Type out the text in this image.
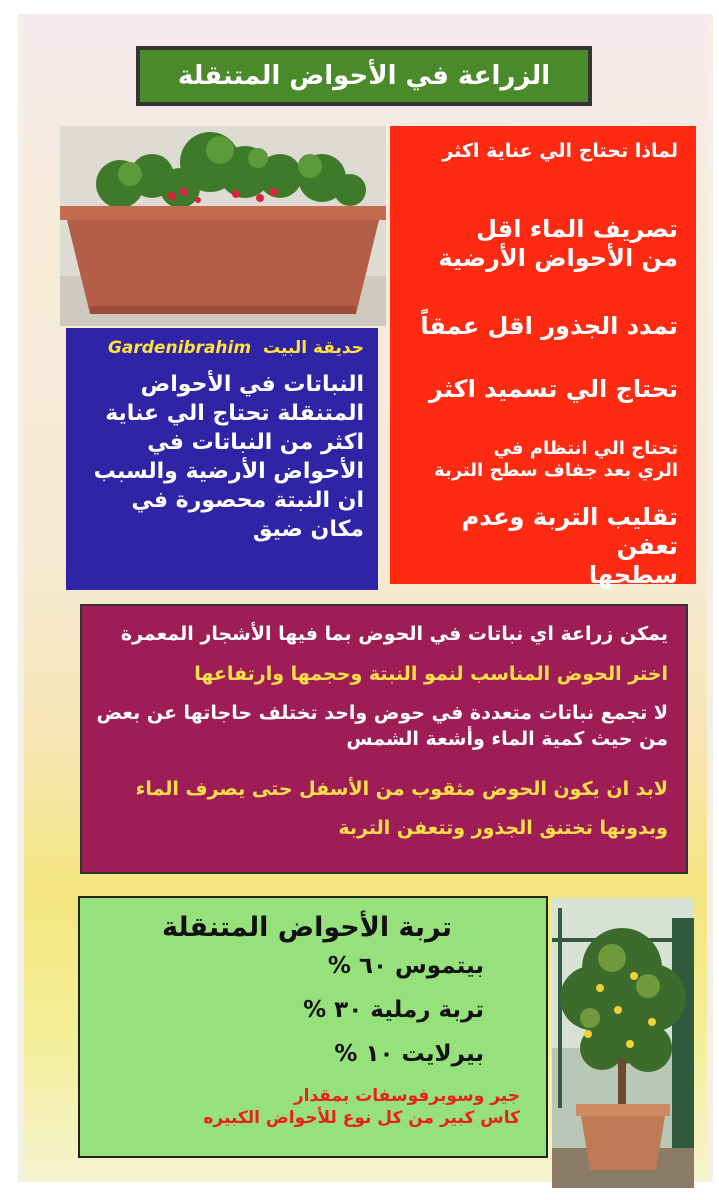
الزراعة في الأحواض المتنقلة

لماذا تحتاج الي عناية اكثر

تصريف الماء اقل
من الأحواض الأرضية

تمدد الجذور اقل عمقاً

تحتاج الي تسميد اكثر

تحتاج الي انتظام في
الري بعد جفاف سطح التربة

تقليب التربة وعدم تعفن
سطحها

حديقة البيت Gardenibrahim
النباتات في الأحواض المتنقلة تحتاج الي عناية اكثر من النباتات في الأحواض الأرضية والسبب ان النبتة محصورة في مكان ضيق

يمكن زراعة اي نباتات في الحوض بما فيها الأشجار المعمرة

اختر الحوض المناسب لنمو النبتة وحجمها وارتفاعها

لا تجمع نباتات متعددة في حوض واحد تختلف حاجاتها عن بعض من حيث كمية الماء وأشعة الشمس

لابد ان يكون الحوض مثقوب من الأسفل حتى يصرف الماء

وبدونها تختنق الجذور وتتعفن التربة

تربة الأحواض المتنقلة

بيتموس ٦٠ %

تربة رملية ٣٠ %

بيرلايت ١٠ %

جير وسوبرفوسفات بمقدار
كاس كبير من كل نوع للأحواض الكبيره
